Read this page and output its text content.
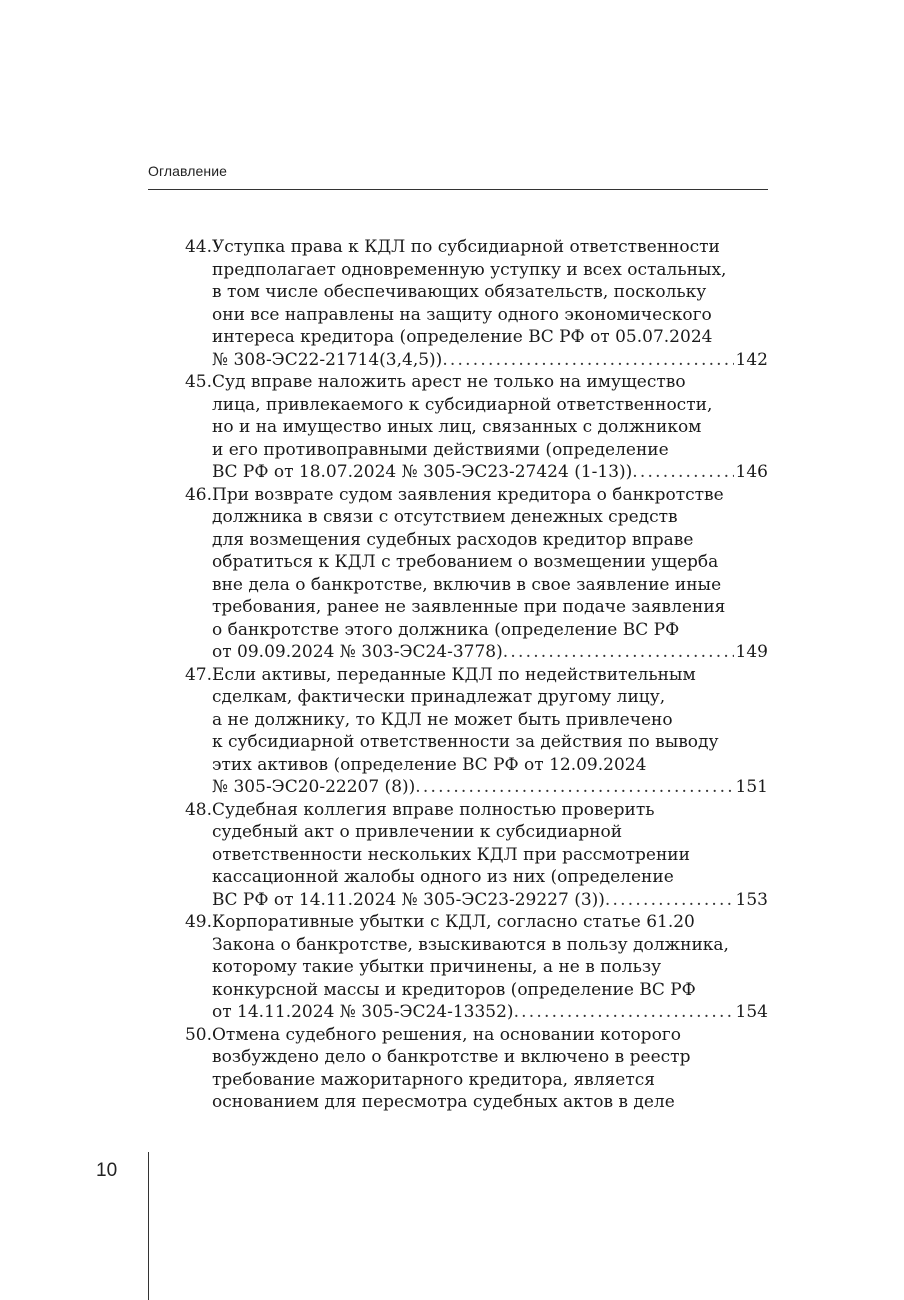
Оглавление
44. Уступка права к КДЛ по субсидиарной ответственности
предполагает одновременную уступку и всех остальных,
в том числе обеспечивающих обязательств, поскольку
они все направлены на защиту одного экономического
интереса кредитора (определение ВС РФ от 05.07.2024
№ 308-ЭС22-21714(3,4,5)) . . .	142
45. Суд вправе наложить арест не только на имущество
лица, привлекаемого к субсидиарной ответственности,
но и на имущество иных лиц, связанных с должником
и его противоправными действиями (определение
ВС РФ от 18.07.2024 № 305-ЭС23-27424 (1-13)) . . .	146
46. При возврате судом заявления кредитора о банкротстве
должника в связи с отсутствием денежных средств
для возмещения судебных расходов кредитор вправе
обратиться к КДЛ с требованием о возмещении ущерба
вне дела о банкротстве, включив в свое заявление иные
требования, ранее не заявленные при подаче заявления
о банкротстве этого должника (определение ВС РФ
от 09.09.2024 № 303-ЭС24-3778) . . .	149
47. Если активы, переданные КДЛ по недействительным
сделкам, фактически принадлежат другому лицу,
а не должнику, то КДЛ не может быть привлечено
к субсидиарной ответственности за действия по выводу
этих активов (определение ВС РФ от 12.09.2024
№ 305-ЭС20-22207 (8)) . . .	151
48. Судебная коллегия вправе полностью проверить
судебный акт о привлечении к субсидиарной
ответственности нескольких КДЛ при рассмотрении
кассационной жалобы одного из них (определение
ВС РФ от 14.11.2024 № 305-ЭС23-29227 (3)) . . .	153
49. Корпоративные убытки с КДЛ, согласно статье 61.20
Закона о банкротстве, взыскиваются в пользу должника,
которому такие убытки причинены, а не в пользу
конкурсной массы и кредиторов (определение ВС РФ
от 14.11.2024 № 305-ЭС24-13352) . . .	154
50. Отмена судебного решения, на основании которого
возбуждено дело о банкротстве и включено в реестр
требование мажоритарного кредитора, является
основанием для пересмотра судебных актов в деле
10
